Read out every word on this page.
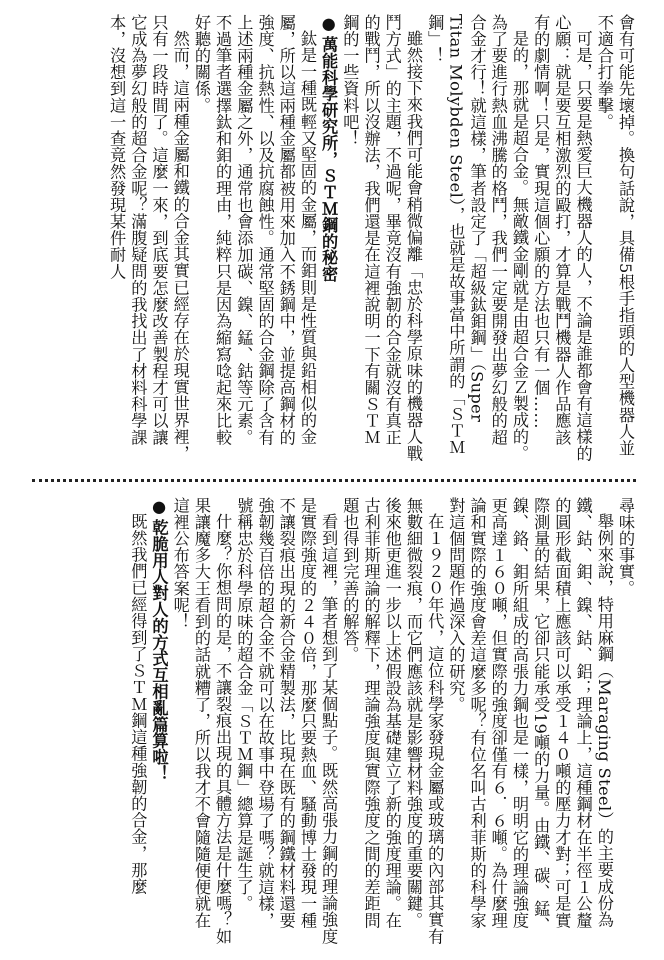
會有可能先壞掉。換句話說，具備5根手指頭的人型機器人並不適合打拳擊。

可是，只要是熱愛巨大機器人的人，不論是誰都會有這樣的心願：就是要互相激烈的毆打，才算是戰鬥機器人作品應該有的劇情啊！只是，實現這個心願的方法也只有一個……

是的，那就是超合金。無敵鐵金剛就是由超合金Ｚ製成的。為了要進行熱血沸騰的格鬥，我們一定要開發出夢幻般的超合金才行！就這樣，筆者設定了「超級鈦鉬鋼」（Super Titan Molybden Steel），也就是故事當中所謂的「ＳＴＭ鋼」！

雖然接下來我們可能會稍微偏離「忠於科學原味的機器人戰鬥方式」的主題，不過呢，畢竟沒有強韌的合金就沒有真正的戰鬥，所以沒辦法，我們還是在這裡說明一下有關ＳＴＭ鋼的一些資料吧！

●萬能科學研究所，ＳＴＭ鋼的秘密

鈦是一種既輕又堅固的金屬，而鉬則是性質與鉛相似的金屬，所以這兩種金屬都被用來加入不銹鋼中，並提高鋼材的強度、抗熱性、以及抗腐蝕性。通常堅固的合金鋼除了含有上述兩種金屬之外，通常也會添加碳、鎳、錳、鈷等元素。不過筆者選擇鈦和鉬的理由，純粹只是因為縮寫唸起來比較好聽的關係。

然而，這兩種金屬和鐵的合金其實已經存在於現實世界裡，只有一段時間了。這麼一來，到底要怎麼改善製程才可以讓它成為夢幻般的超合金呢？滿腹疑問的我找出了材料科學課本，沒想到這一查竟然發現某件耐人

尋味的事實。

舉例來說，特用麻鋼（Maraging Steel）的主要成份為鐵、鈷、鉬、鎳、鈷、鋁；理論上，這種鋼材在半徑１公釐的圓形截面積上應該可以承受１４０噸的壓力才對；可是實際測量的結果，它卻只能承受19噸的力量。由鐵、碳、錳、鎳、鉻、鉬所組成的高張力鋼也是一樣，明明它的理論強度更高達１６０噸，但實際的強度卻僅有６．６噸。為什麼理論和實際的強度會差這麼多呢？有位名叫古利菲斯的科學家對這個問題作過深入的研究。

在１９２０年代，這位科學家發現金屬或玻璃的內部其實有無數細微裂痕，而它們應該就是影響材料強度的重要關鍵。後來他更進一步以上述假設為基礎建立了新的強度理論。在古利菲斯理論的解釋下，理論強度與實際強度之間的差距問題也得到完善的解答。

看到這裡，筆者想到了某個點子。既然高張力鋼的理論強度是實際強度的２４０倍，那麼只要熱血、騷動博士發現一種不讓裂痕出現的新合金精製法，比現在既有的鋼鐵材料還要強韌幾百倍的超合金不就可以在故事中登場了嗎？就這樣，號稱忠於科學原味的超合金「ＳＴＭ鋼」總算是誕生了。

什麼？你想問的是，不讓裂痕出現的具體方法是什麼嗎？如果讓魔多大王看到的話就糟了，所以我才不會隨隨便便就在這裡公布答案呢！

●乾脆用人對人的方式互相亂篇算啦！

既然我們已經得到了ＳＴＭ鋼這種強韌的合金，那麼
